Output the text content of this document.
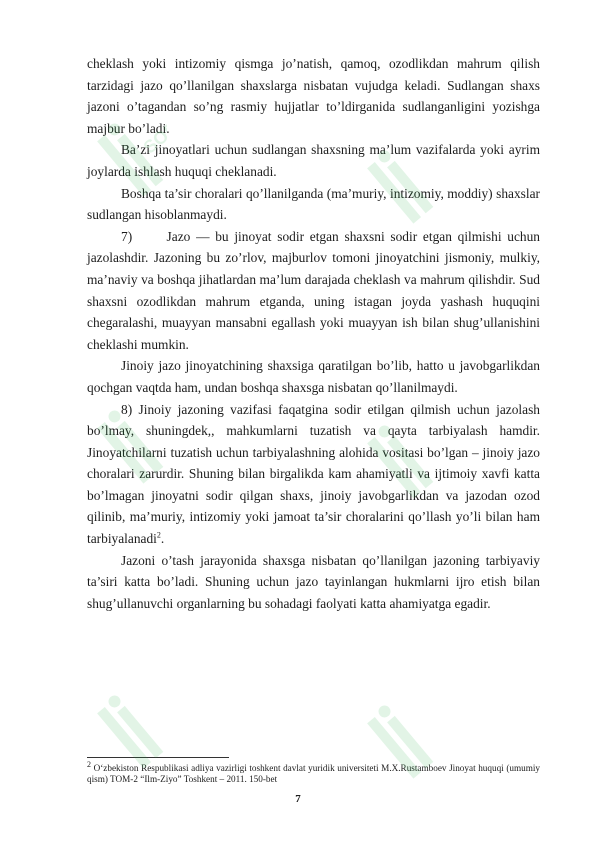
cheklash yoki intizomiy qismga jo’natish, qamoq, ozodlikdan mahrum qilish tarzidagi jazo qo’llanilgan shaxslarga nisbatan vujudga keladi. Sudlangan shaxs jazoni o’tagandan so’ng rasmiy hujjatlar to’ldirganida sudlanganligini yozishga majbur bo’ladi.

Ba’zi jinoyatlari uchun sudlangan shaxsning ma’lum vazifalarda yoki ayrim joylarda ishlash huquqi cheklanadi.

Boshqa ta’sir choralari qo’llanilganda (ma’muriy, intizomiy, moddiy) shaxslar sudlangan hisoblanmaydi.

7)      Jazo — bu jinoyat sodir etgan shaxsni sodir etgan qilmishi uchun jazolashdir. Jazoning bu zo’rlov, majburlov tomoni jinoyatchini jismoniy, mulkiy, ma’naviy va boshqa jihatlardan ma’lum darajada cheklash va mahrum qilishdir. Sud shaxsni ozodlikdan mahrum etganda, uning istagan joyda yashash huquqini chegaralashi, muayyan mansabni egallash yoki muayyan ish bilan shug’ullanishini cheklashi mumkin.

Jinoiy jazo jinoyatchining shaxsiga qaratilgan bo’lib, hatto u javobgarlikdan qochgan vaqtda ham, undan boshqa shaxsga nisbatan qo’llanilmaydi.

8) Jinoiy jazoning vazifasi faqatgina sodir etilgan qilmish uchun jazolash bo’lmay, shuningdek,, mahkumlarni tuzatish va qayta tarbiyalash hamdir. Jinoyatchilarni tuzatish uchun tarbiyalashning alohida vositasi bo’lgan – jinoiy jazo choralari zarurdir. Shuning bilan birgalikda kam ahamiyatli va ijtimoiy xavfi katta bo’lmagan jinoyatni sodir qilgan shaxs, jinoiy javobgarlikdan va jazodan ozod qilinib, ma’muriy, intizomiy yoki jamoat ta’sir choralarini qo’llash yo’li bilan ham tarbiyalanadi$^2$.

Jazoni o’tash jarayonida shaxsga nisbatan qo’llanilgan jazoning tarbiyaviy ta’siri katta bo’ladi. Shuning uchun jazo tayinlangan hukmlarni ijro etish bilan shug’ullanuvchi organlarning bu sohadagi faolyati katta ahamiyatga egadir.

2 O‘zbekiston Respublikasi adliya vazirligi toshkent davlat yuridik universiteti M.X.Rustamboev Jinoyat huquqi (umumiy qism) TOM-2 “Ilm-Ziyo” Toshkent – 2011. 150-bet

7
SOFT
